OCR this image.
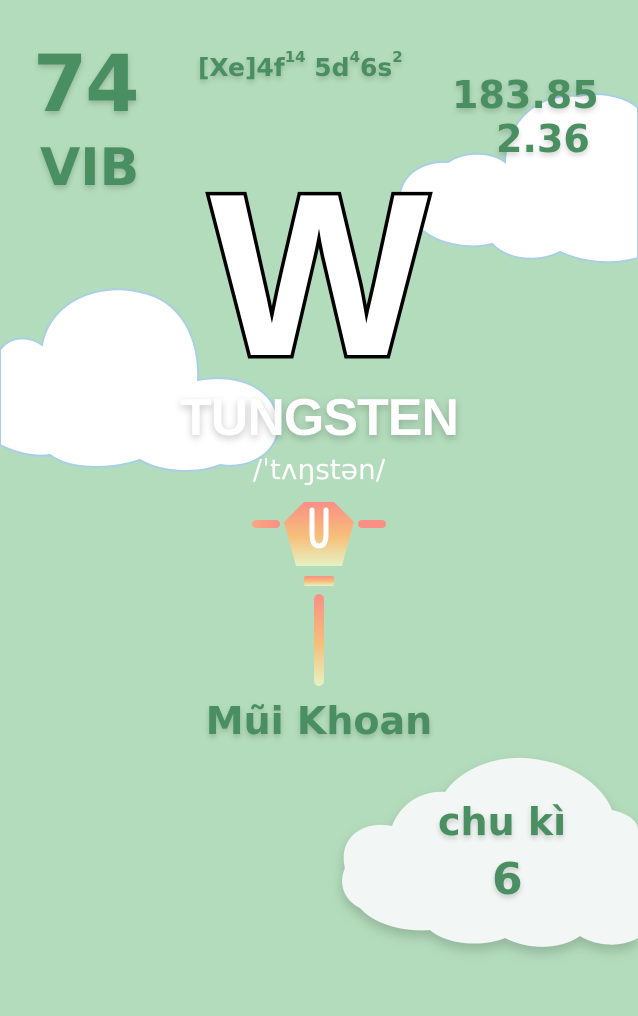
74
VIB
$[Xe]4f^{14}$ $5d^46s^2$
183.85
2.36
W
TUNGSTEN
/ˈtʌŋstən/
Mũi Khoan
chu kì
6
